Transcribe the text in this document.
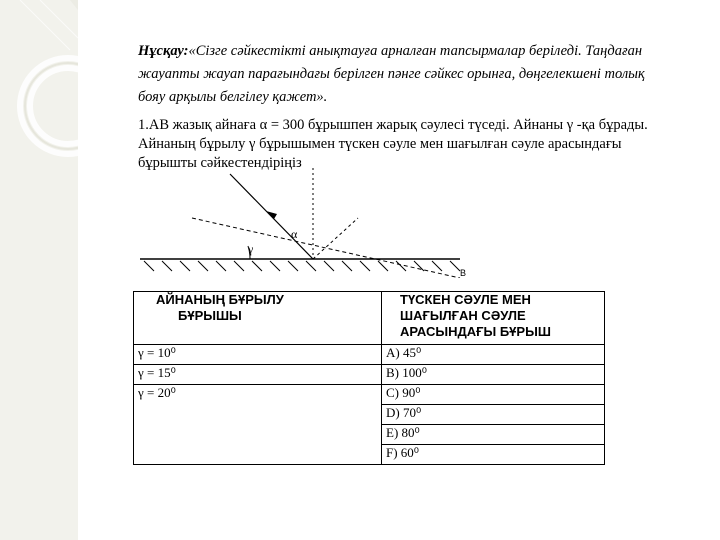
Нұсқау:«Сізге сәйкестікті анықтауға арналған тапсырмалар беріледі. Таңдаған жауапты жауап парағындағы берілген пәнге сәйкес орынға, дөңгелекшені толық бояу арқылы белгілеу қажет».
1.АВ жазық айнаға α = 300 бұрышпен жарық сәулесі түседі. Айнаны γ -қа бұрады. Айнаның бұрылу γ бұрышымен түскен сәуле мен шағылған сәуле арасындағы бұрышты сәйкестендіріңіз
γ
α
B
АЙНАНЫҢ БҰРЫЛУ
БҰРЫШЫ	ТҮСКЕН СӘУЛЕ МЕН
ШАҒЫЛҒАН СӘУЛЕ
АРАСЫНДАҒЫ БҰРЫШ

γ = 10⁰	A) 45⁰
γ = 15⁰	B) 100⁰
γ = 20⁰	C) 90⁰
	D) 70⁰
	E) 80⁰
	F) 60⁰
